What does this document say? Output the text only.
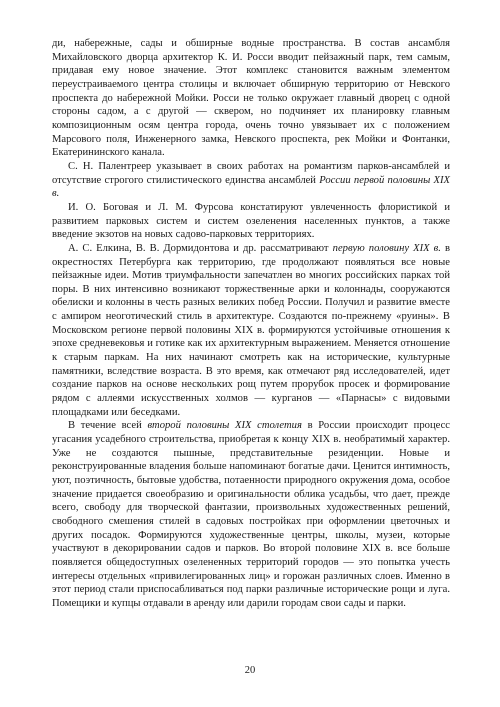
ди, набережные, сады и обширные водные пространства. В состав ансамбля Михайловского дворца архитектор К. И. Росси вводит пейзажный парк, тем самым, придавая ему новое значение. Этот комплекс становится важным элементом переустраиваемого центра столицы и включает обширную территорию от Невского проспекта до набережной Мойки. Росси не только окружает главный дворец с одной стороны садом, а с другой — сквером, но подчиняет их планировку главным композиционным осям центра города, очень точно увязывает их с положением Марсового поля, Инженерного замка, Невского проспекта, рек Мойки и Фонтанки, Екатерининского канала.

С. Н. Палентреер указывает в своих работах на романтизм парков-ансамблей и отсутствие строгого стилистического единства ансамблей России первой половины XIX в.

И. О. Боговая и Л. М. Фурсова констатируют увлеченность флористикой и развитием парковых систем и систем озеленения населенных пунктов, а также введение экзотов на новых садово-парковых территориях.

А. С. Елкина, В. В. Дормидонтова и др. рассматривают первую половину XIX в. в окрестностях Петербурга как территорию, где продолжают появляться все новые пейзажные идеи. Мотив триумфальности запечатлен во многих российских парках той поры. В них интенсивно возникают торжественные арки и колоннады, сооружаются обелиски и колонны в честь разных великих побед России. Получил и развитие вместе с ампиром неоготический стиль в архитектуре. Создаются по-прежнему «руины». В Московском регионе первой половины XIX в. формируются устойчивые отношения к эпохе средневековья и готике как их архитектурным выражением. Меняется отношение к старым паркам. На них начинают смотреть как на исторические, культурные памятники, вследствие возраста. В это время, как отмечают ряд исследователей, идет создание парков на основе нескольких рощ путем прорубок просек и формирование рядом с аллеями искусственных холмов — курганов — «Парнасы» с видовыми площадками или беседками.

В течение всей второй половины XIX столетия в России происходит процесс угасания усадебного строительства, приобретая к концу XIX в. необратимый характер. Уже не создаются пышные, представительные резиденции. Новые и реконструированные владения больше напоминают богатые дачи. Ценится интимность, уют, поэтичность, бытовые удобства, потаенности природного окружения дома, особое значение придается своеобразию и оригинальности облика усадьбы, что дает, прежде всего, свободу для творческой фантазии, произвольных художественных решений, свободного смешения стилей в садовых постройках при оформлении цветочных и других посадок. Формируются художественные центры, школы, музеи, которые участвуют в декорировании садов и парков. Во второй половине XIX в. все больше появляется общедоступных озелененных территорий городов — это попытка учесть интересы отдельных «привилегированных лиц» и горожан различных слоев. Именно в этот период стали приспосабливаться под парки различные исторические рощи и луга. Помещики и купцы отдавали в аренду или дарили городам свои сады и парки.

20
